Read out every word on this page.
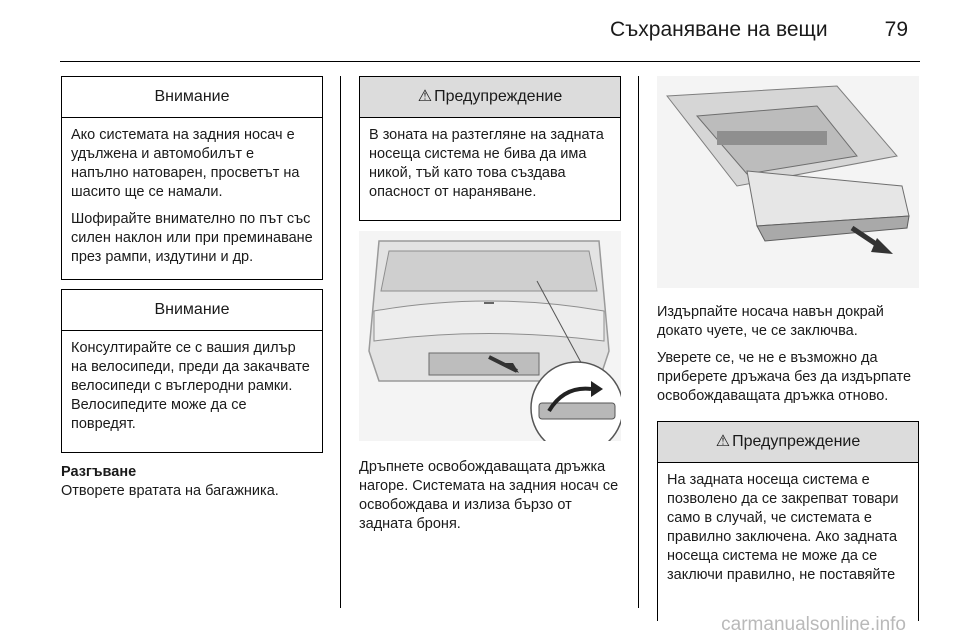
Съхраняване на вещи	79
Внимание

Ако системата на задния носач е удължена и автомобилът е напълно натоварен, просветът на шасито ще се намали.

Шофирайте внимателно по път със силен наклон или при преминаване през рампи, издутини и др.

Внимание

Консултирайте се с вашия дилър на велосипеди, преди да закачвате велосипеди с въглеродни рамки. Велосипедите може да се повредят.

Разгъване
Отворете вратата на багажника.
⚠ Предупреждение

В зоната на разтегляне на задната носеща система не бива да има никой, тъй като това създава опасност от нараняване.

Дръпнете освобождаващата дръжка нагоре. Системата на задния носач се освобождава и излиза бързо от задната броня.

Издърпайте носача навън докрай докато чуете, че се заключва.

Уверете се, че не е възможно да приберете дръжача без да издърпате освобождаващата дръжка отново.

⚠ Предупреждение

На задната носеща система е позволено да се закрепват товари само в случай, че системата е правилно заключена. Ако задната носеща система не може да се заключи правилно, не поставяйте

carmanualsonline.info
